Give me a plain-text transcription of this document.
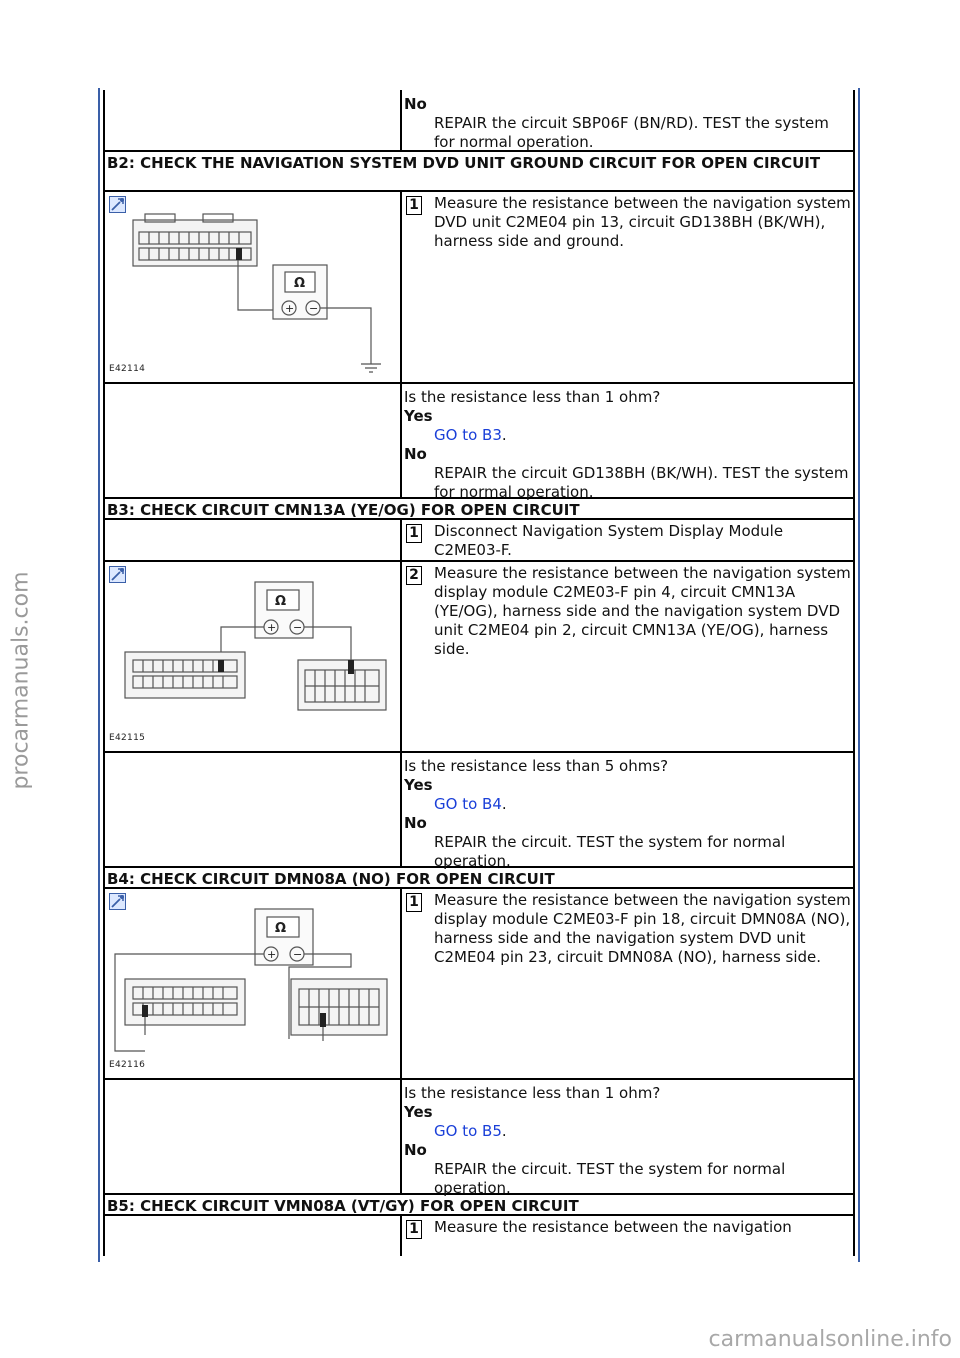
procarmanuals.com
carmanualsonline.info
No
REPAIR the circuit SBP06F (BN/RD). TEST the system for normal operation.
B2: CHECK THE NAVIGATION SYSTEM DVD UNIT GROUND CIRCUIT FOR OPEN CIRCUIT
Ω
+ −
E42114
1 Measure the resistance between the navigation system DVD unit C2ME04 pin 13, circuit GD138BH (BK/WH), harness side and ground.
Is the resistance less than 1 ohm?
Yes
GO to B3.
No
REPAIR the circuit GD138BH (BK/WH). TEST the system for normal operation.
B3: CHECK CIRCUIT CMN13A (YE/OG) FOR OPEN CIRCUIT
1 Disconnect Navigation System Display Module C2ME03-F.
Ω
+ −
E42115
2 Measure the resistance between the navigation system display module C2ME03-F pin 4, circuit CMN13A (YE/OG), harness side and the navigation system DVD unit C2ME04 pin 2, circuit CMN13A (YE/OG), harness side.
Is the resistance less than 5 ohms?
Yes
GO to B4.
No
REPAIR the circuit. TEST the system for normal operation.
B4: CHECK CIRCUIT DMN08A (NO) FOR OPEN CIRCUIT
Ω
+ −
E42116
1 Measure the resistance between the navigation system display module C2ME03-F pin 18, circuit DMN08A (NO), harness side and the navigation system DVD unit C2ME04 pin 23, circuit DMN08A (NO), harness side.
Is the resistance less than 1 ohm?
Yes
GO to B5.
No
REPAIR the circuit. TEST the system for normal operation.
B5: CHECK CIRCUIT VMN08A (VT/GY) FOR OPEN CIRCUIT
1 Measure the resistance between the navigation
